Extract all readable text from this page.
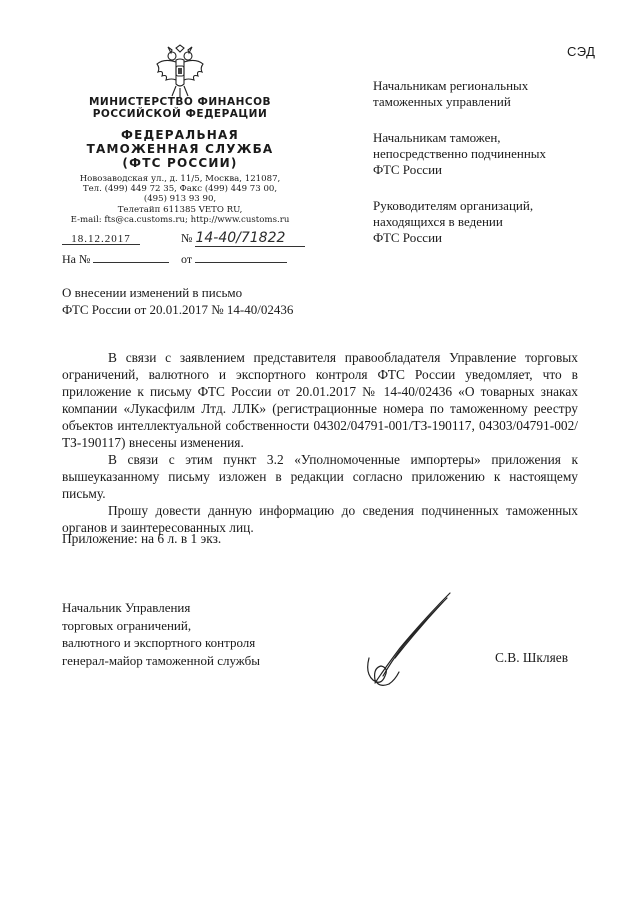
МИНИСТЕРСТВО ФИНАНСОВ
РОССИЙСКОЙ ФЕДЕРАЦИИ
ФЕДЕРАЛЬНАЯ
ТАМОЖЕННАЯ СЛУЖБА
(ФТС РОССИИ)
Новозаводская ул., д. 11/5, Москва, 121087,
Тел. (499) 449 72 35, Факс (499) 449 73 00,
(495) 913 93 90,
Телетайп 611385 VETO RU,
E-mail: fts@ca.customs.ru; http://www.customs.ru
18.12.2017	№ 14-40/71822
На №	от
СЭД
Начальникам региональных
таможенных управлений
Начальникам таможен,
непосредственно подчиненных
ФТС России
Руководителям организаций,
находящихся в ведении
ФТС России
О внесении изменений в письмо
ФТС России от 20.01.2017 № 14-40/02436

В связи с заявлением представителя правообладателя Управление торговых ограничений, валютного и экспортного контроля ФТС России уведомляет, что в приложение к письму ФТС России от 20.01.2017 № 14-40/02436 «О товарных знаках компании «Лукасфилм Лтд. ЛЛК» (регистрационные номера по таможенному реестру объектов интеллектуальной собственности 04302/04791-001/ТЗ-190117, 04303/04791-002/ТЗ-190117) внесены изменения.

В связи с этим пункт 3.2 «Уполномоченные импортеры» приложения к вышеуказанному письму изложен в редакции согласно приложению к настоящему письму.

Прошу довести данную информацию до сведения подчиненных таможенных органов и заинтересованных лиц.

Приложение: на 6 л. в 1 экз.
Начальник Управления
торговых ограничений,
валютного и экспортного контроля
генерал-майор таможенной службы	С.В. Шкляев
